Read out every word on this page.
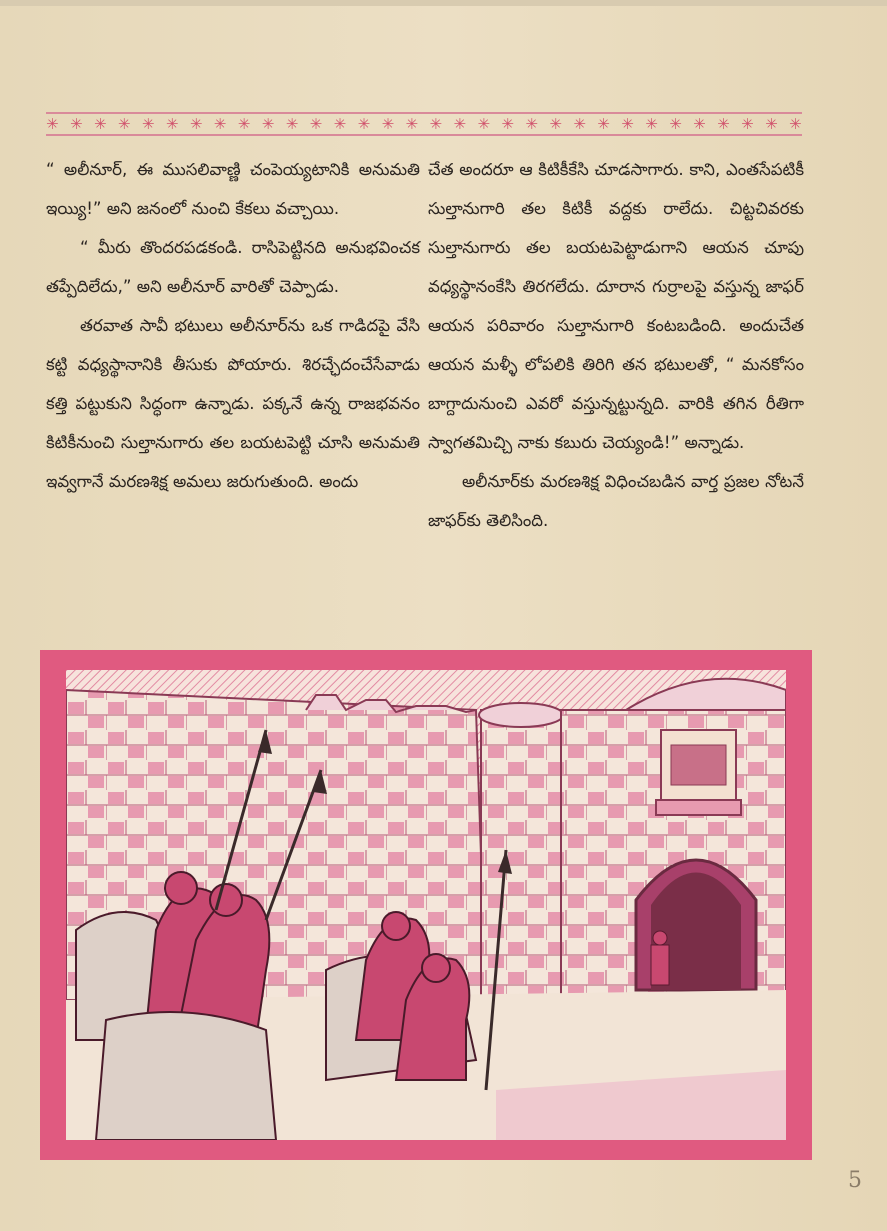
✳ ✳ ✳ ✳ ✳ ✳ ✳ ✳ ✳ ✳ ✳ ✳ ✳ ✳ ✳ ✳ ✳ ✳ ✳ ✳ ✳ ✳ ✳ ✳ ✳ ✳ ✳ ✳ ✳ ✳ ✳ ✳

“ అలీనూర్, ఈ ముసలివాణ్ణి చంపెయ్యటానికి అనుమతి ఇయ్యి!” అని జనంలో నుంచి కేకలు వచ్చాయి.

“ మీరు తొందరపడకండి. రాసిపెట్టినది అనుభవించక తప్పేదిలేదు,” అని అలీనూర్ వారితో చెప్పాడు.

తరవాత సావీ భటులు అలీనూర్‌ను ఒక గాడిదపై వేసి కట్టి వధ్యస్థానానికి తీసుకు పోయారు. శిరచ్ఛేదంచేసేవాడు కత్తి పట్టుకుని సిద్ధంగా ఉన్నాడు. పక్కనే ఉన్న రాజభవనం కిటికీనుంచి సుల్తానుగారు తల బయటపెట్టి చూసి అనుమతి ఇవ్వగానే మరణశిక్ష అమలు జరుగుతుంది. అందు

చేత అందరూ ఆ కిటికీకేసి చూడసాగారు. కాని, ఎంతసేపటికీ సుల్తానుగారి తల కిటికీ వద్దకు రాలేదు. చిట్టచివరకు సుల్తానుగారు తల బయటపెట్టాడుగాని ఆయన చూపు వధ్యస్థానంకేసి తిరగలేదు. దూరాన గుర్రాలపై వస్తున్న జాఫర్ ఆయన పరివారం సుల్తానుగారి కంటబడింది. అందుచేత ఆయన మళ్ళీ లోపలికి తిరిగి తన భటులతో, “ మనకోసం బాగ్దాదునుంచి ఎవరో వస్తున్నట్టున్నది. వారికి తగిన రీతిగా స్వాగతమిచ్చి నాకు కబురు చెయ్యండి!” అన్నాడు.

అలీనూర్‌కు మరణశిక్ష విధించబడిన వార్త ప్రజల నోటనే జాఫర్‌కు తెలిసింది.

5
